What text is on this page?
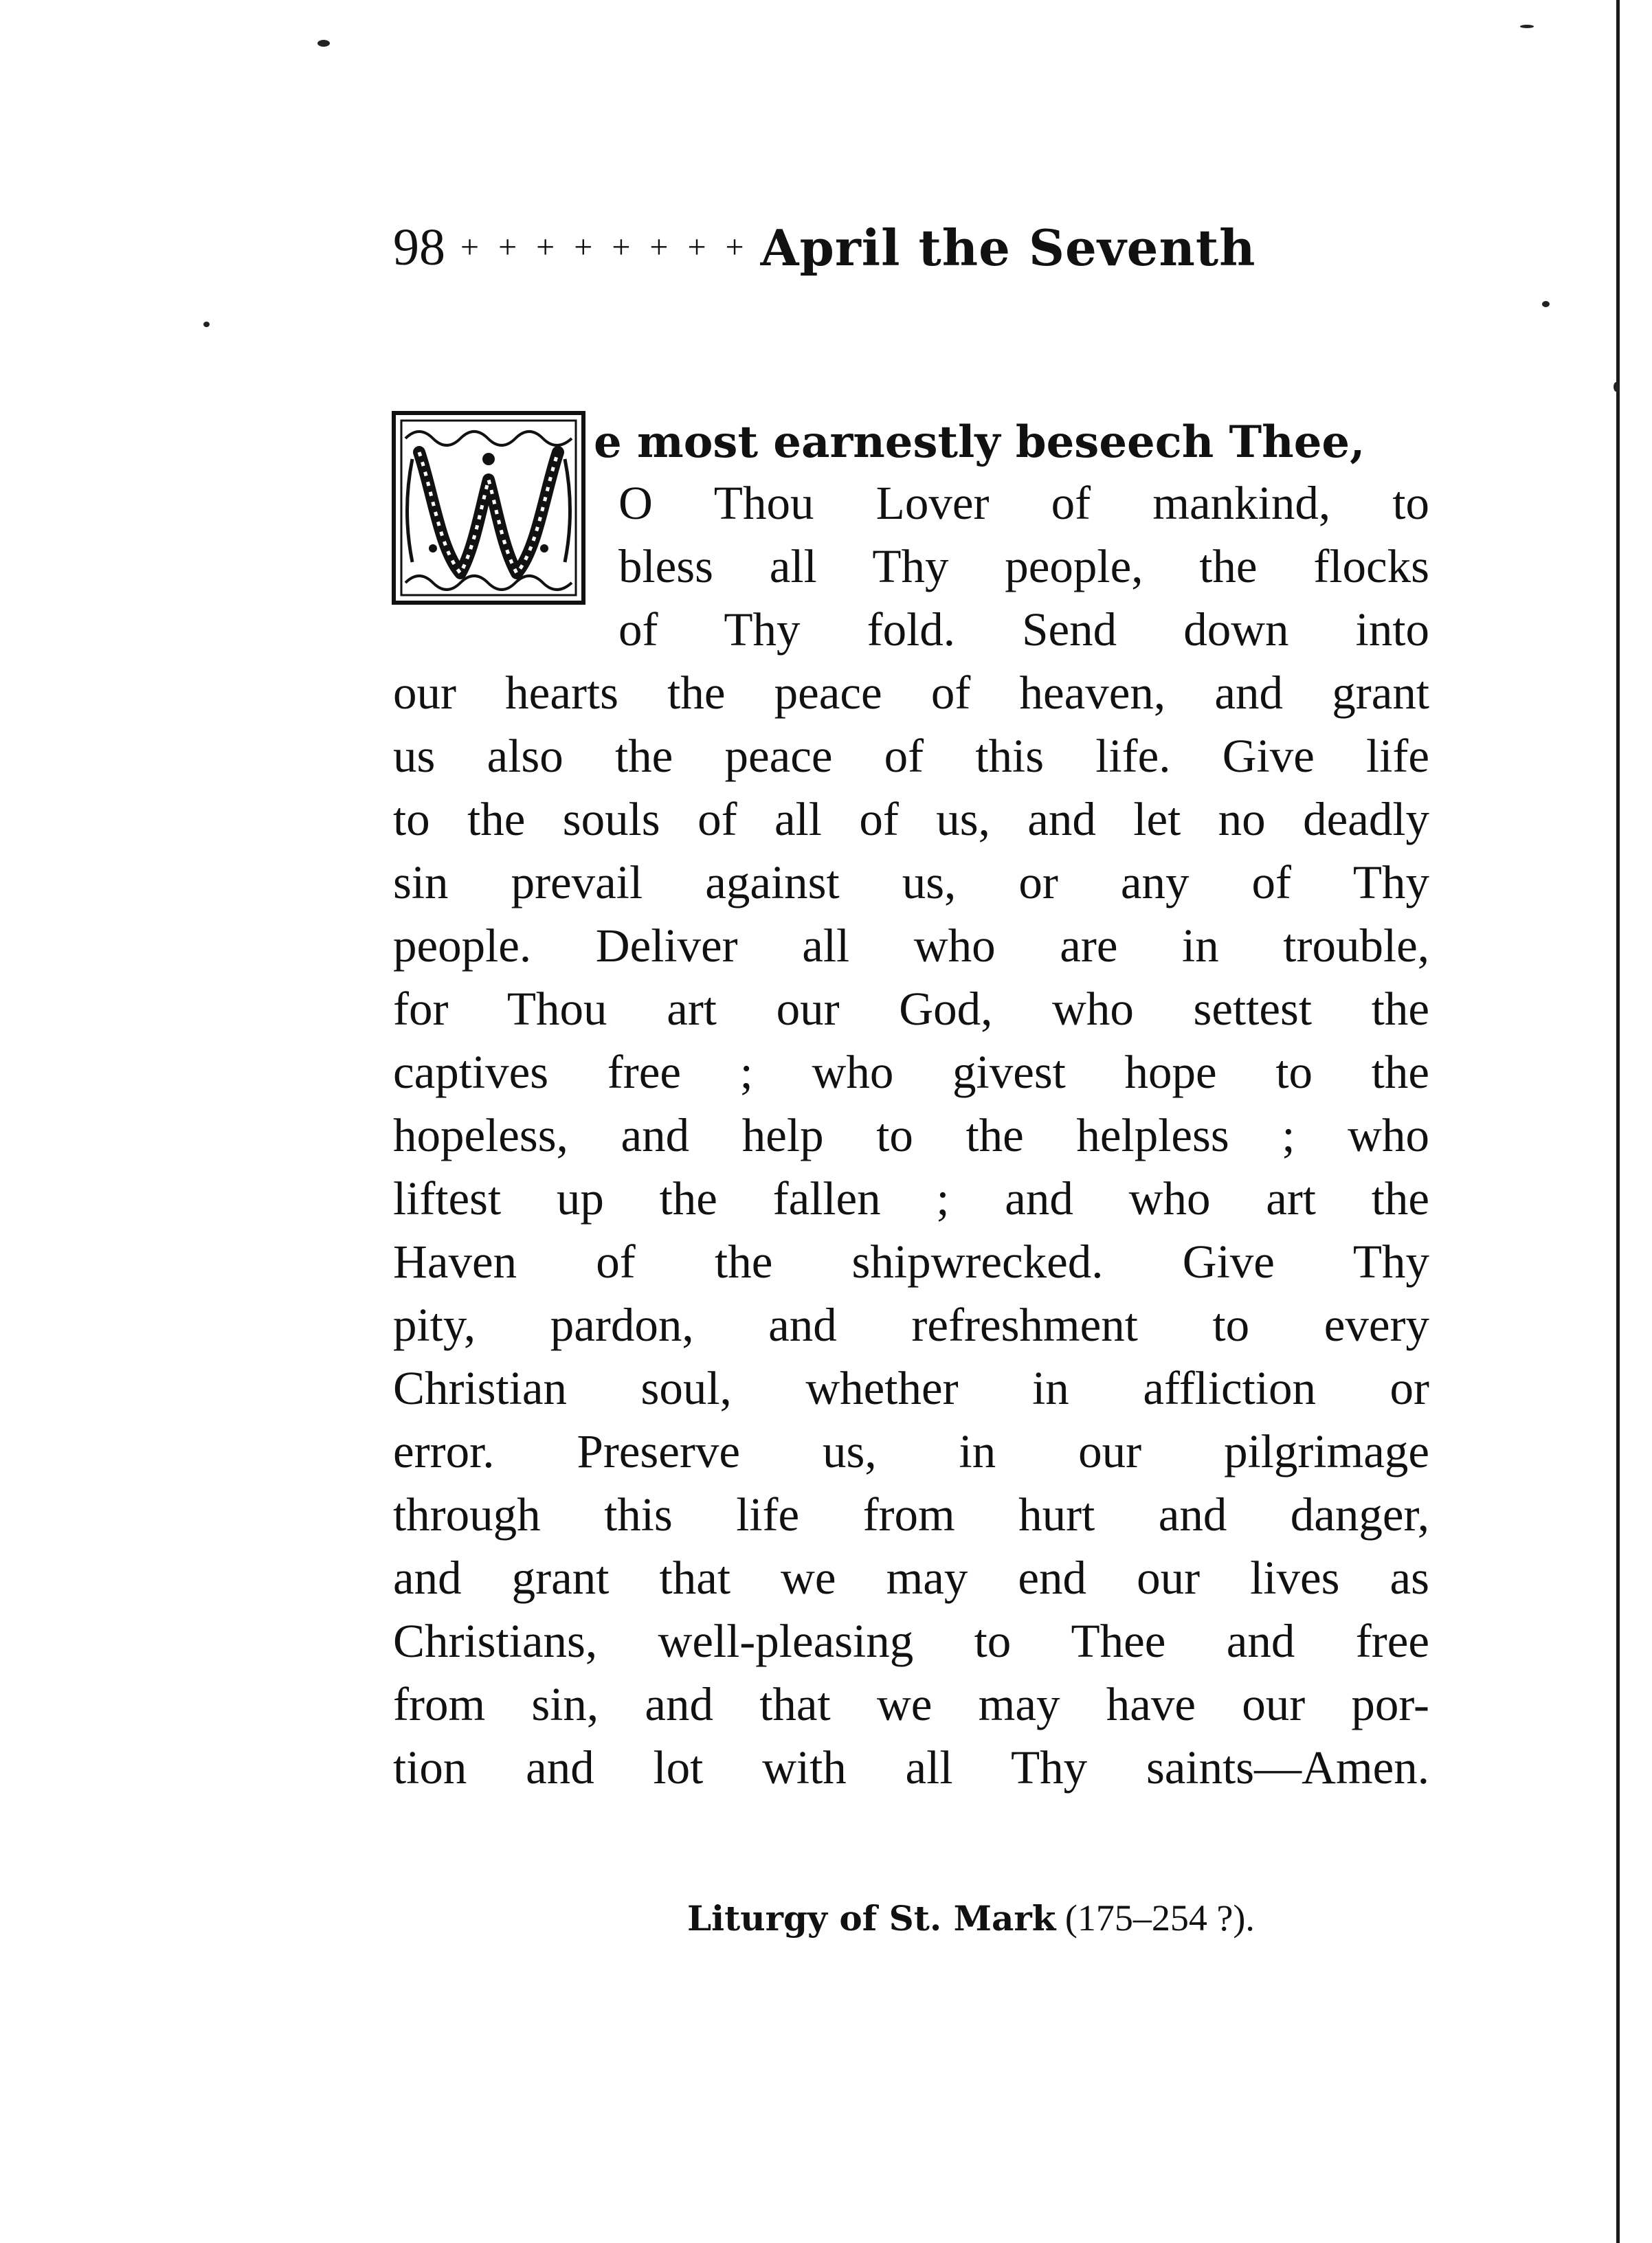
98 + + + + + + + + April the Seventh
e most earnestly beseech Thee,
O Thou Lover of mankind, to
bless all Thy people, the flocks
of Thy fold. Send down into
our hearts the peace of heaven, and grant
us also the peace of this life. Give life
to the souls of all of us, and let no deadly
sin prevail against us, or any of Thy
people. Deliver all who are in trouble,
for Thou art our God, who settest the
captives free ; who givest hope to the
hopeless, and help to the helpless ; who
liftest up the fallen ; and who art the
Haven of the shipwrecked. Give Thy
pity, pardon, and refreshment to every
Christian soul, whether in affliction or
error. Preserve us, in our pilgrimage
through this life from hurt and danger,
and grant that we may end our lives as
Christians, well-pleasing to Thee and free
from sin, and that we may have our por-
tion and lot with all Thy saints—Amen.
Liturgy of St. Mark (175–254 ?).
